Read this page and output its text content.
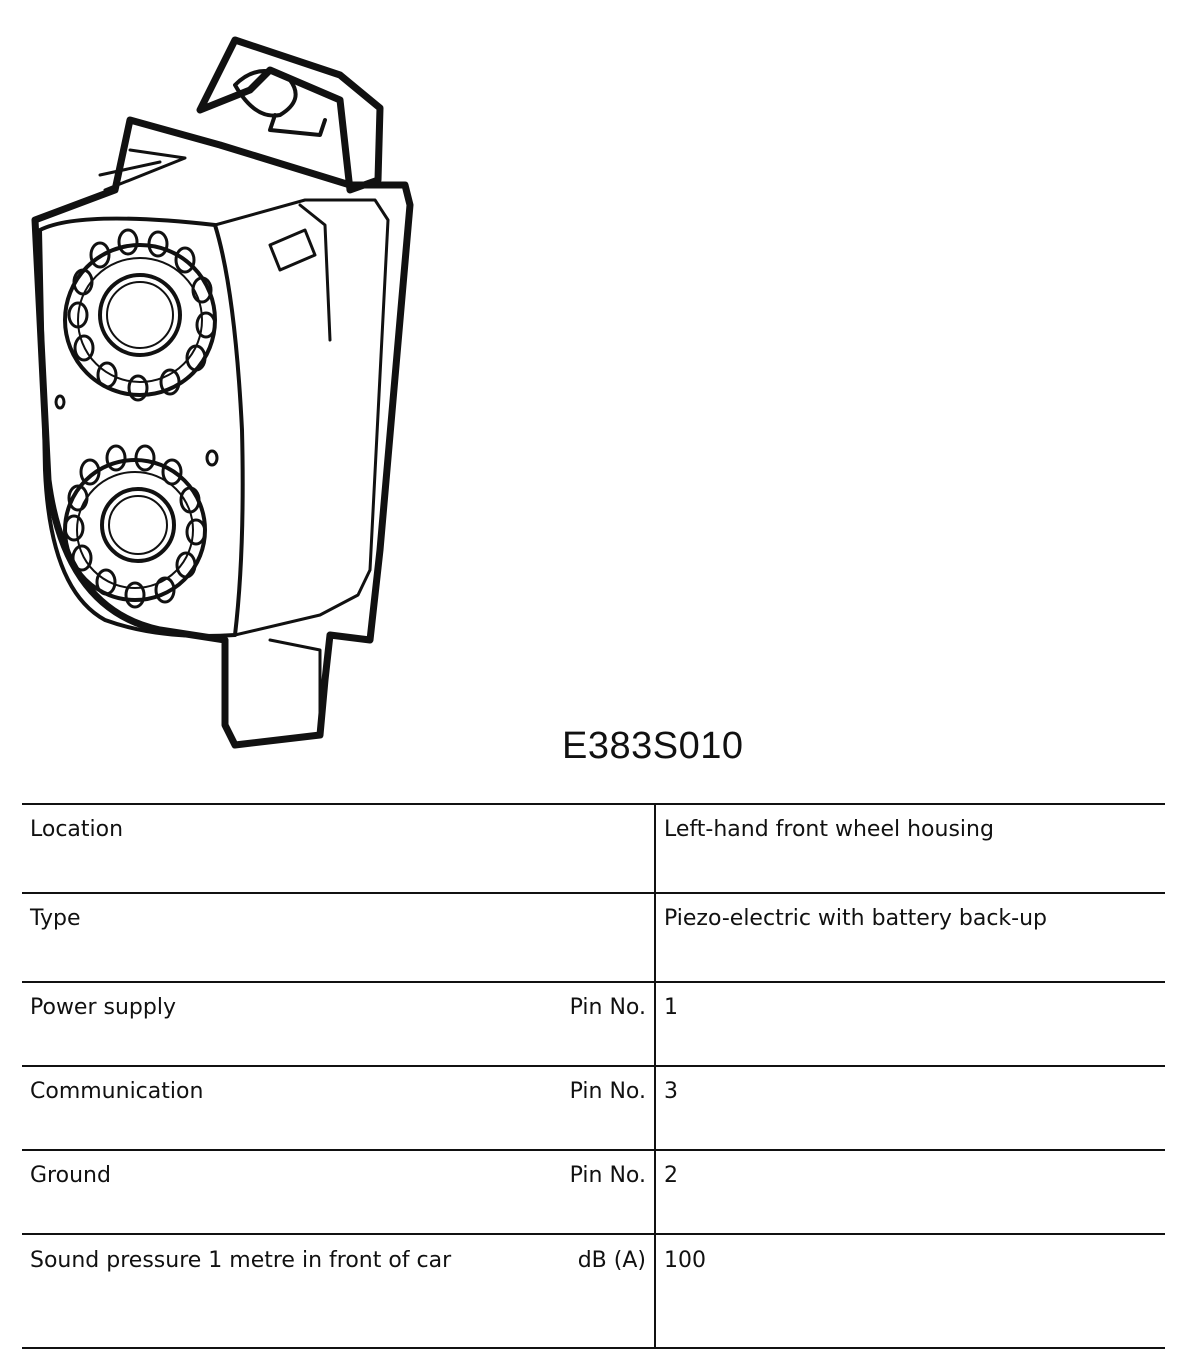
E383S010
Location		Left-hand front wheel housing
Type		Piezo-electric with battery back-up
Power supply	Pin No.	1
Communication	Pin No.	3
Ground	Pin No.	2
Sound pressure 1 metre in front of car	dB (A)	100
